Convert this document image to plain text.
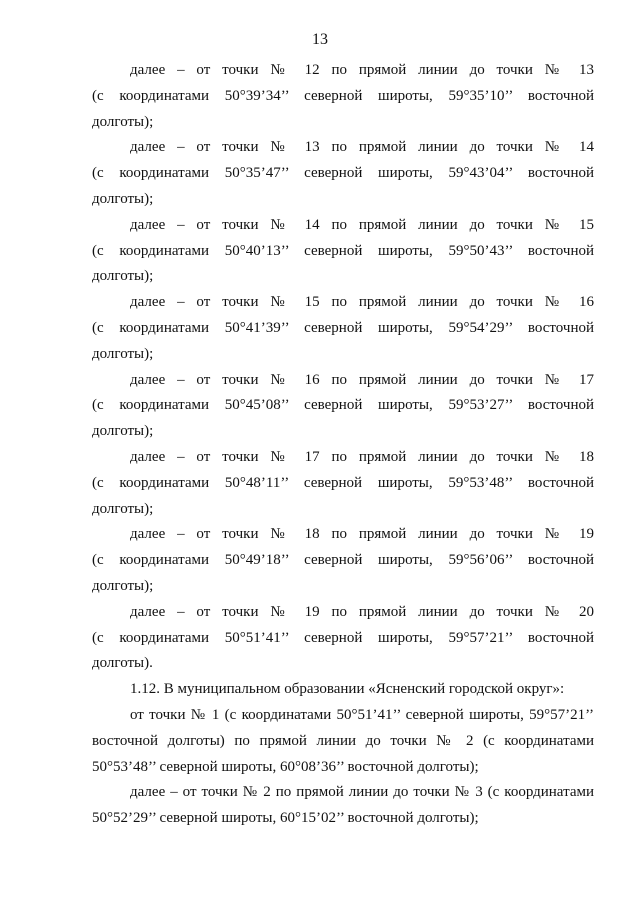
13
далее – от точки № 12 по прямой линии до точки № 13
(с координатами 50°39’34’’ северной широты, 59°35’10’’ восточной
долготы);
далее – от точки № 13 по прямой линии до точки № 14
(с координатами 50°35’47’’ северной широты, 59°43’04’’ восточной
долготы);
далее – от точки № 14 по прямой линии до точки № 15
(с координатами 50°40’13’’ северной широты, 59°50’43’’ восточной
долготы);
далее – от точки № 15 по прямой линии до точки № 16
(с координатами 50°41’39’’ северной широты, 59°54’29’’ восточной
долготы);
далее – от точки № 16 по прямой линии до точки № 17
(с координатами 50°45’08’’ северной широты, 59°53’27’’ восточной
долготы);
далее – от точки № 17 по прямой линии до точки № 18
(с координатами 50°48’11’’ северной широты, 59°53’48’’ восточной
долготы);
далее – от точки № 18 по прямой линии до точки № 19
(с координатами 50°49’18’’ северной широты, 59°56’06’’ восточной
долготы);
далее – от точки № 19 по прямой линии до точки № 20
(с координатами 50°51’41’’ северной широты, 59°57’21’’ восточной
долготы).

1.12. В муниципальном образовании «Ясненский городской округ»:

от точки № 1 (с координатами 50°51’41’’ северной широты, 59°57’21’’ восточной долготы) по прямой линии до точки № 2 (с координатами 50°53’48’’ северной широты, 60°08’36’’ восточной долготы);

далее – от точки № 2 по прямой линии до точки № 3 (с координатами 50°52’29’’ северной широты, 60°15’02’’ восточной долготы);
